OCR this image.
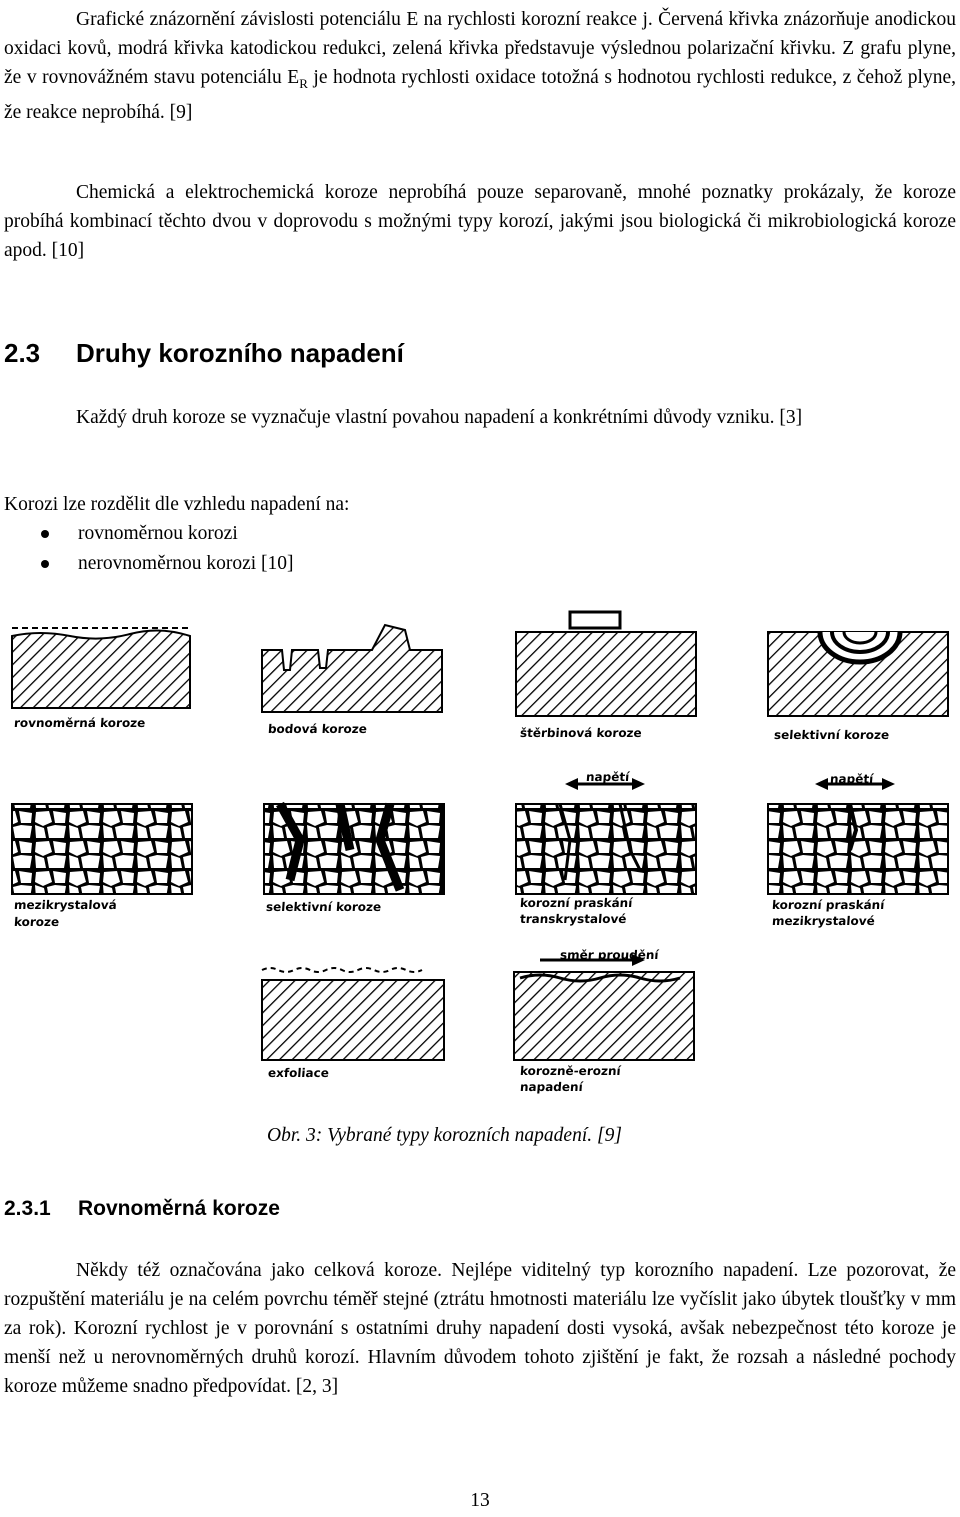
Grafické znázornění závislosti potenciálu E na rychlosti korozní reakce j. Červená křivka znázorňuje anodickou oxidaci kovů, modrá křivka katodickou redukci, zelená křivka představuje výslednou polarizační křivku. Z grafu plyne, že v rovnovážném stavu potenciálu $E_R$ je hodnota rychlosti oxidace totožná s hodnotou rychlosti redukce, z čehož plyne, že reakce neprobíhá. [9]

Chemická a elektrochemická koroze neprobíhá pouze separovaně, mnohé poznatky prokázaly, že koroze probíhá kombinací těchto dvou v doprovodu s možnými typy korozí, jakými jsou biologická či mikrobiologická koroze apod. [10]

2.3 Druhy korozního napadení

Každý druh koroze se vyznačuje vlastní povahou napadení a konkrétními důvody vzniku. [3]

Korozi lze rozdělit dle vzhledu napadení na:

rovnoměrnou korozi
nerovnoměrnou korozi [10]
rovnoměrná koroze	bodová koroze	štěrbinová koroze	selektivní koroze
napětí	napětí
mezikrystalová
koroze
selektivní koroze	korozní praskání
transkrystalové
korozní praskání
mezikrystalové
směr proudění
exfoliace	korozně-erozní
napadení
Obr. 3: Vybrané typy korozních napadení. [9]
2.3.1 Rovnoměrná koroze

Někdy též označována jako celková koroze. Nejlépe viditelný typ korozního napadení. Lze pozorovat, že rozpuštění materiálu je na celém povrchu téměř stejné (ztrátu hmotnosti materiálu lze vyčíslit jako úbytek tloušťky v mm za rok). Korozní rychlost je v porovnání s ostatními druhy napadení dosti vysoká, avšak nebezpečnost této koroze je menší než u nerovnoměrných druhů korozí. Hlavním důvodem tohoto zjištění je fakt, že rozsah a následné pochody koroze můžeme snadno předpovídat. [2, 3]

13
